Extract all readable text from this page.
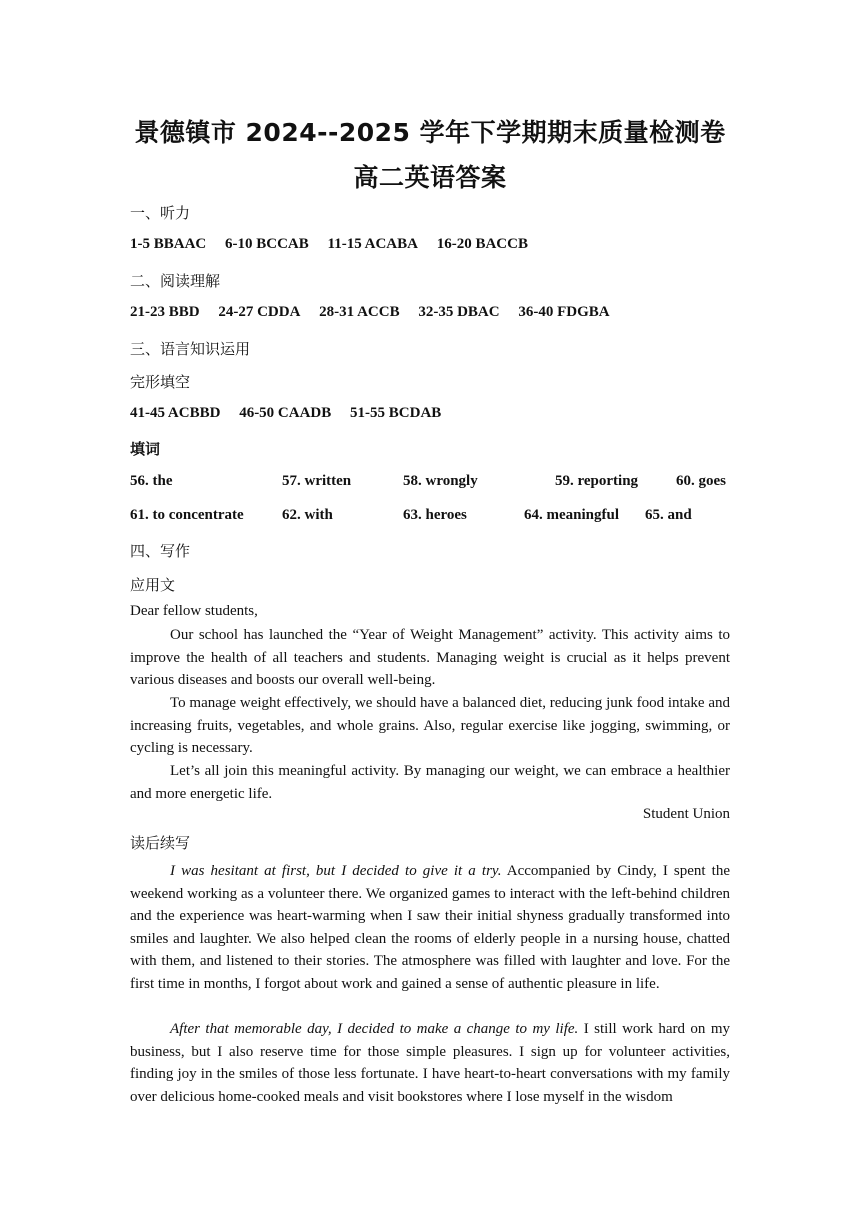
景德镇市 2024--2025 学年下学期期末质量检测卷
高二英语答案
一、听力
1-5 BBAAC 6-10 BCCAB 11-15 ACABA 16-20 BACCB
二、阅读理解
21-23 BBD 24-27 CDDA 28-31 ACCB 32-35 DBAC 36-40 FDGBA
三、语言知识运用
完形填空
41-45 ACBBD 46-50 CAADB 51-55 BCDAB
填词
56. the	57. written	58. wrongly	59. reporting	60. goes
61. to concentrate	62. with	63. heroes	64. meaningful 65. and
四、写作
应用文
Dear fellow students,
Our school has launched the “Year of Weight Management” activity. This activity aims to improve the health of all teachers and students. Managing weight is crucial as it helps prevent various diseases and boosts our overall well-being.
To manage weight effectively, we should have a balanced diet, reducing junk food intake and increasing fruits, vegetables, and whole grains. Also, regular exercise like jogging, swimming, or cycling is necessary.
Let’s all join this meaningful activity. By managing our weight, we can embrace a healthier and more energetic life.
Student Union
读后续写
I was hesitant at first, but I decided to give it a try. Accompanied by Cindy, I spent the weekend working as a volunteer there. We organized games to interact with the left-behind children and the experience was heart-warming when I saw their initial shyness gradually transformed into smiles and laughter. We also helped clean the rooms of elderly people in a nursing house, chatted with them, and listened to their stories. The atmosphere was filled with laughter and love. For the first time in months, I forgot about work and gained a sense of authentic pleasure in life.
After that memorable day, I decided to make a change to my life. I still work hard on my business, but I also reserve time for those simple pleasures. I sign up for volunteer activities, finding joy in the smiles of those less fortunate. I have heart-to-heart conversations with my family over delicious home-cooked meals and visit bookstores where I lose myself in the wisdom
